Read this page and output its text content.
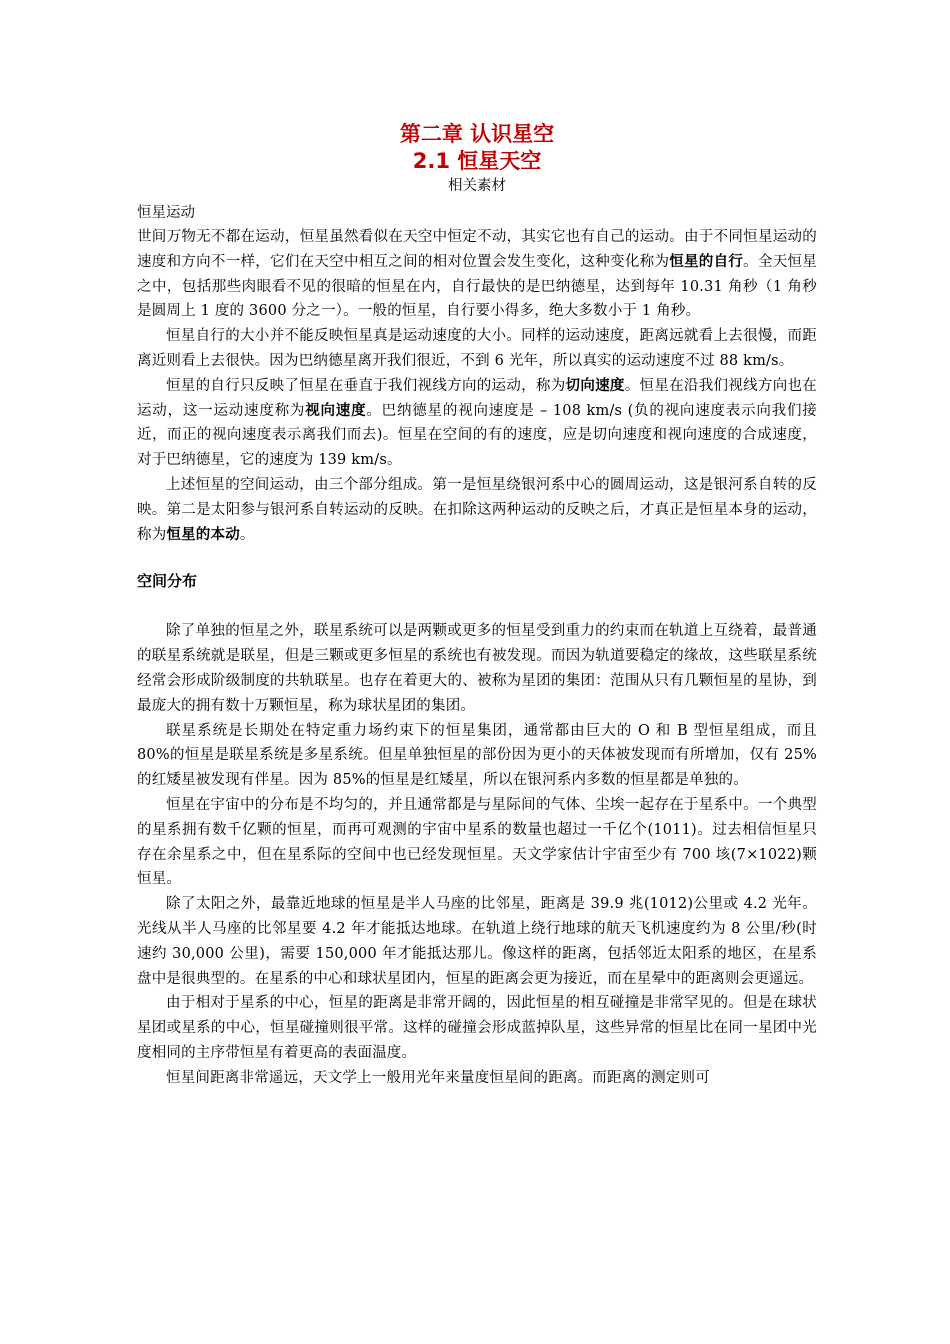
第二章 认识星空
2.1 恒星天空
相关素材
恒星运动

世间万物无不都在运动，恒星虽然看似在天空中恒定不动，其实它也有自己的运动。由于不同恒星运动的速度和方向不一样，它们在天空中相互之间的相对位置会发生变化，这种变化称为恒星的自行。全天恒星之中，包括那些肉眼看不见的很暗的恒星在内，自行最快的是巴纳德星，达到每年 10.31 角秒（1 角秒是圆周上 1 度的 3600 分之一）。一般的恒星，自行要小得多，绝大多数小于 1 角秒。

恒星自行的大小并不能反映恒星真是运动速度的大小。同样的运动速度，距离远就看上去很慢，而距离近则看上去很快。因为巴纳德星离开我们很近，不到 6 光年，所以真实的运动速度不过 88 km/s。

恒星的自行只反映了恒星在垂直于我们视线方向的运动，称为切向速度。恒星在沿我们视线方向也在运动，这一运动速度称为视向速度。巴纳德星的视向速度是 – 108 km/s (负的视向速度表示向我们接近，而正的视向速度表示离我们而去)。恒星在空间的有的速度，应是切向速度和视向速度的合成速度，对于巴纳德星，它的速度为 139 km/s。

上述恒星的空间运动，由三个部分组成。第一是恒星绕银河系中心的圆周运动，这是银河系自转的反映。第二是太阳参与银河系自转运动的反映。在扣除这两种运动的反映之后，才真正是恒星本身的运动，称为恒星的本动。

空间分布

除了单独的恒星之外，联星系统可以是两颗或更多的恒星受到重力的约束而在轨道上互绕着，最普通的联星系统就是联星，但是三颗或更多恒星的系统也有被发现。而因为轨道要稳定的缘故，这些联星系统经常会形成阶级制度的共轨联星。也存在着更大的、被称为星团的集团：范围从只有几颗恒星的星协，到最庞大的拥有数十万颗恒星，称为球状星团的集团。

联星系统是长期处在特定重力场约束下的恒星集团，通常都由巨大的 O 和 B 型恒星组成，而且 80%的恒星是联星系统是多星系统。但星单独恒星的部份因为更小的天体被发现而有所增加，仅有 25%的红矮星被发现有伴星。因为 85%的恒星是红矮星，所以在银河系内多数的恒星都是单独的。

恒星在宇宙中的分布是不均匀的，并且通常都是与星际间的气体、尘埃一起存在于星系中。一个典型的星系拥有数千亿颗的恒星，而再可观测的宇宙中星系的数量也超过一千亿个(1011)。过去相信恒星只存在余星系之中，但在星系际的空间中也已经发现恒星。天文学家估计宇宙至少有 700 垓(7×1022)颗恒星。

除了太阳之外，最靠近地球的恒星是半人马座的比邻星，距离是 39.9 兆(1012)公里或 4.2 光年。光线从半人马座的比邻星要 4.2 年才能抵达地球。在轨道上绕行地球的航天飞机速度约为 8 公里/秒(时速约 30,000 公里)，需要 150,000 年才能抵达那儿。像这样的距离，包括邻近太阳系的地区，在星系盘中是很典型的。在星系的中心和球状星团内，恒星的距离会更为接近，而在星晕中的距离则会更遥远。

由于相对于星系的中心，恒星的距离是非常开阔的，因此恒星的相互碰撞是非常罕见的。但是在球状星团或星系的中心，恒星碰撞则很平常。这样的碰撞会形成蓝掉队星，这些异常的恒星比在同一星团中光度相同的主序带恒星有着更高的表面温度。

恒星间距离非常遥远，天文学上一般用光年来量度恒星间的距离。而距离的测定则可
